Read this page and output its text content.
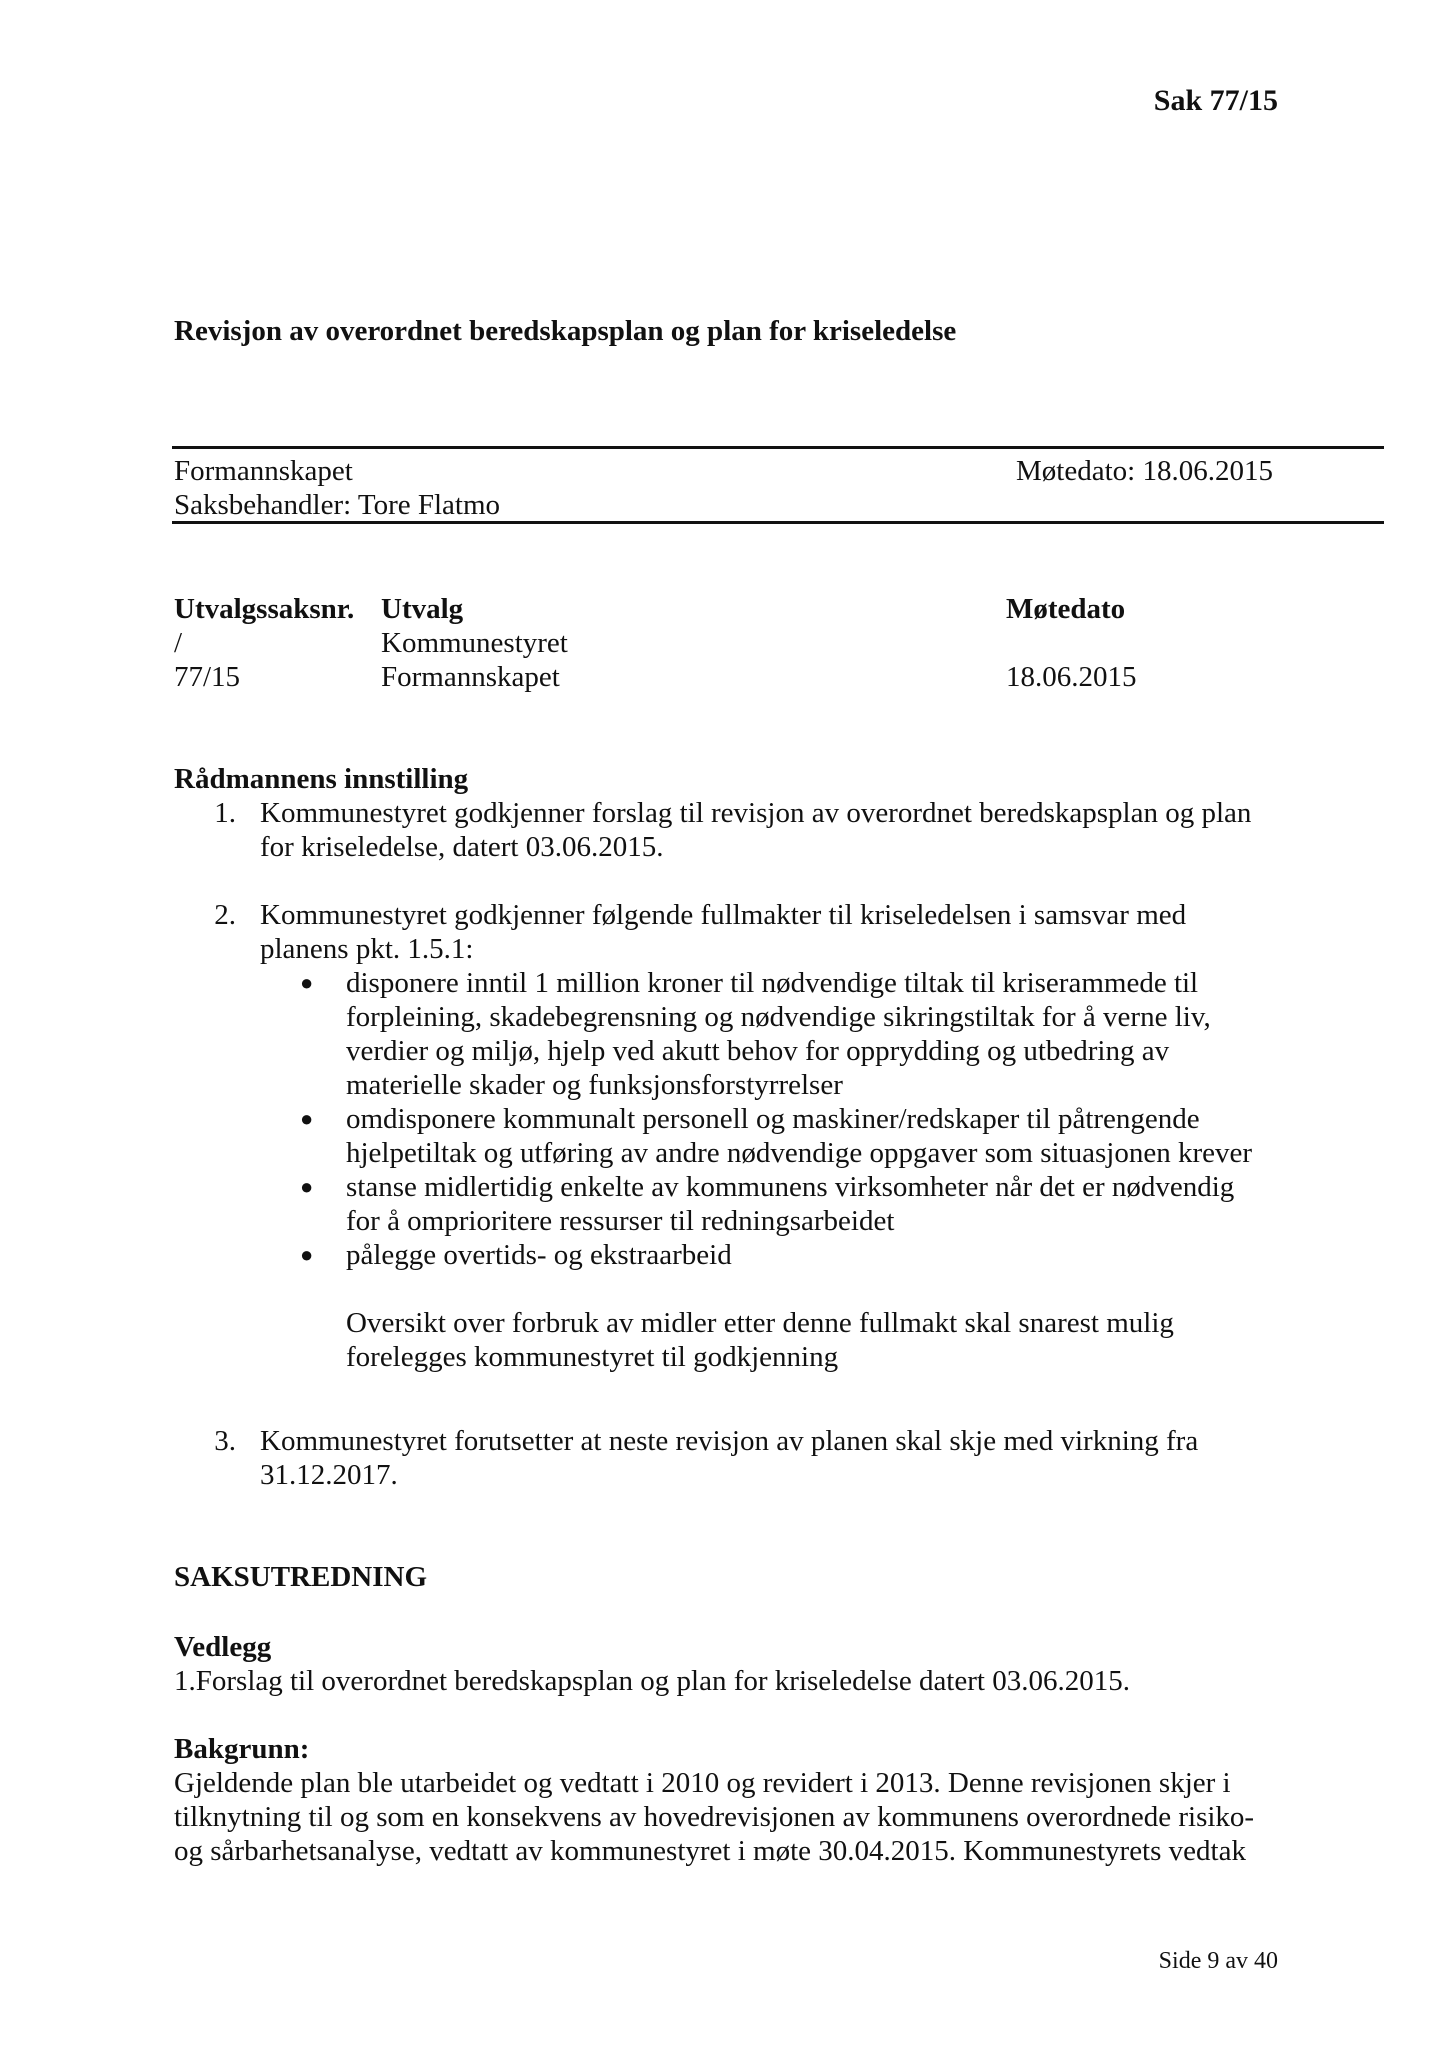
Sak 77/15
Revisjon av overordnet beredskapsplan og plan for kriseledelse
Formannskapet	Møtedato: 18.06.2015
Saksbehandler: Tore Flatmo
Utvalgssaksnr.	Utvalg	Møtedato
/	Kommunestyret	
77/15	Formannskapet	18.06.2015
Rådmannens innstilling
1. Kommunestyret godkjenner forslag til revisjon av overordnet beredskapsplan og plan
for kriseledelse, datert 03.06.2015.
2. Kommunestyret godkjenner følgende fullmakter til kriseledelsen i samsvar med
planens pkt. 1.5.1:
● disponere inntil 1 million kroner til nødvendige tiltak til kriserammede til
forpleining, skadebegrensning og nødvendige sikringstiltak for å verne liv,
verdier og miljø, hjelp ved akutt behov for opprydding og utbedring av
materielle skader og funksjonsforstyrrelser
● omdisponere kommunalt personell og maskiner/redskaper til påtrengende
hjelpetiltak og utføring av andre nødvendige oppgaver som situasjonen krever
● stanse midlertidig enkelte av kommunens virksomheter når det er nødvendig
for å omprioritere ressurser til redningsarbeidet
● pålegge overtids- og ekstraarbeid
Oversikt over forbruk av midler etter denne fullmakt skal snarest mulig
forelegges kommunestyret til godkjenning
3. Kommunestyret forutsetter at neste revisjon av planen skal skje med virkning fra
31.12.2017.
SAKSUTREDNING
Vedlegg
1.Forslag til overordnet beredskapsplan og plan for kriseledelse datert 03.06.2015.
Bakgrunn:
Gjeldende plan ble utarbeidet og vedtatt i 2010 og revidert i 2013. Denne revisjonen skjer i
tilknytning til og som en konsekvens av hovedrevisjonen av kommunens overordnede risiko-
og sårbarhetsanalyse, vedtatt av kommunestyret i møte 30.04.2015. Kommunestyrets vedtak
Side 9 av 40
